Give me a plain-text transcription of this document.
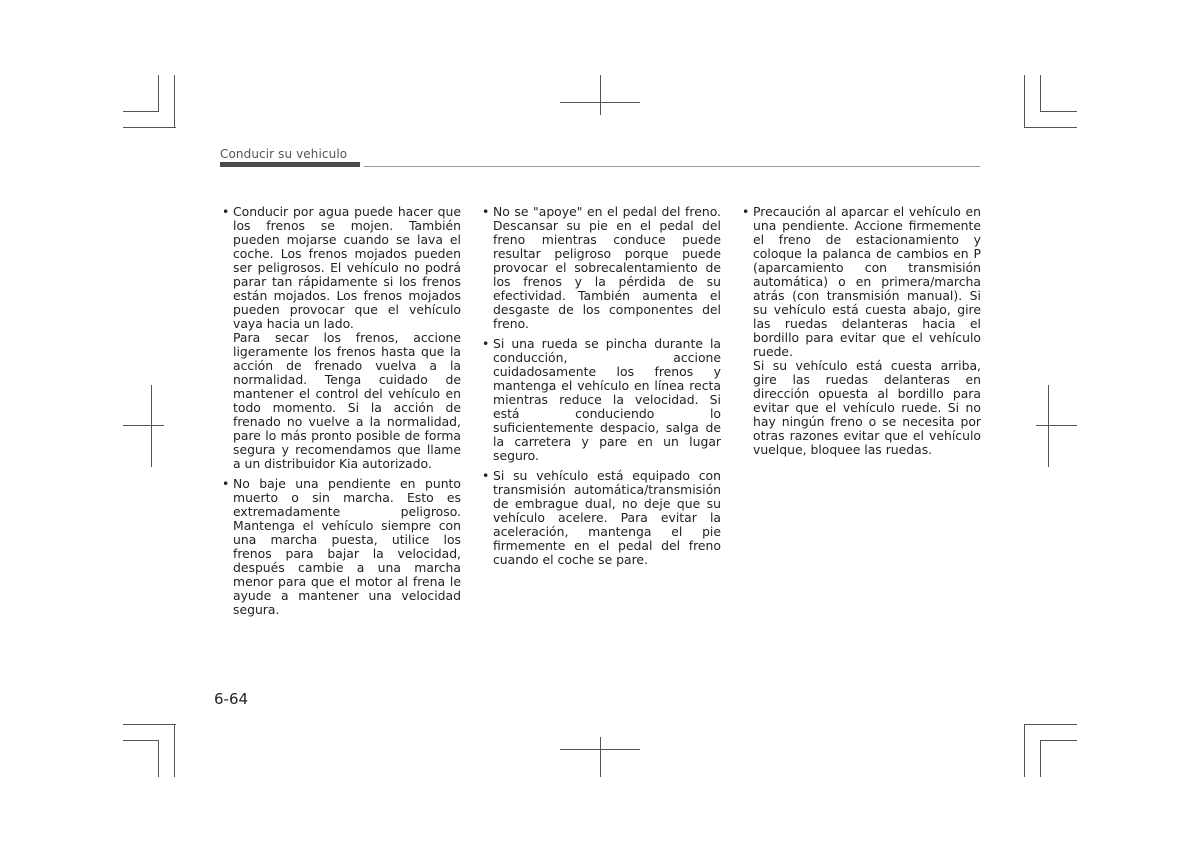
Conducir su vehiculo
• Conducir por agua puede hacer que los frenos se mojen. También pueden mojarse cuando se lava el coche. Los frenos mojados pueden ser peligrosos. El vehículo no podrá parar tan rápidamente si los frenos están mojados. Los frenos mojados pueden provocar que el vehículo vaya hacia un lado.

Para secar los frenos, accione ligeramente los frenos hasta que la acción de frenado vuelva a la normalidad. Tenga cuidado de mantener el control del vehículo en todo momento. Si la acción de frenado no vuelve a la normalidad, pare lo más pronto posible de forma segura y recomendamos que llame a un distribuidor Kia autorizado.

• No baje una pendiente en punto muerto o sin marcha. Esto es extremadamente peligroso. Mantenga el vehículo siempre con una marcha puesta, utilice los frenos para bajar la velocidad, después cambie a una marcha menor para que el motor al frena le ayude a mantener una velocidad segura.

• No se "apoye" en el pedal del freno. Descansar su pie en el pedal del freno mientras conduce puede resultar peligroso porque puede provocar el sobrecalentamiento de los frenos y la pérdida de su efectividad. También aumenta el desgaste de los componentes del freno.

• Si una rueda se pincha durante la conducción, accione cuidadosamente los frenos y mantenga el vehículo en línea recta mientras reduce la velocidad. Si está conduciendo lo suficientemente despacio, salga de la carretera y pare en un lugar seguro.

• Si su vehículo está equipado con transmisión automática/transmisión de embrague dual, no deje que su vehículo acelere. Para evitar la aceleración, mantenga el pie firmemente en el pedal del freno cuando el coche se pare.

• Precaución al aparcar el vehículo en una pendiente. Accione firmemente el freno de estacionamiento y coloque la palanca de cambios en P (aparcamiento con transmisión automática) o en primera/marcha atrás (con transmisión manual). Si su vehículo está cuesta abajo, gire las ruedas delanteras hacia el bordillo para evitar que el vehículo ruede.

Si su vehículo está cuesta arriba, gire las ruedas delanteras en dirección opuesta al bordillo para evitar que el vehículo ruede. Si no hay ningún freno o se necesita por otras razones evitar que el vehículo vuelque, bloquee las ruedas.

6-64
